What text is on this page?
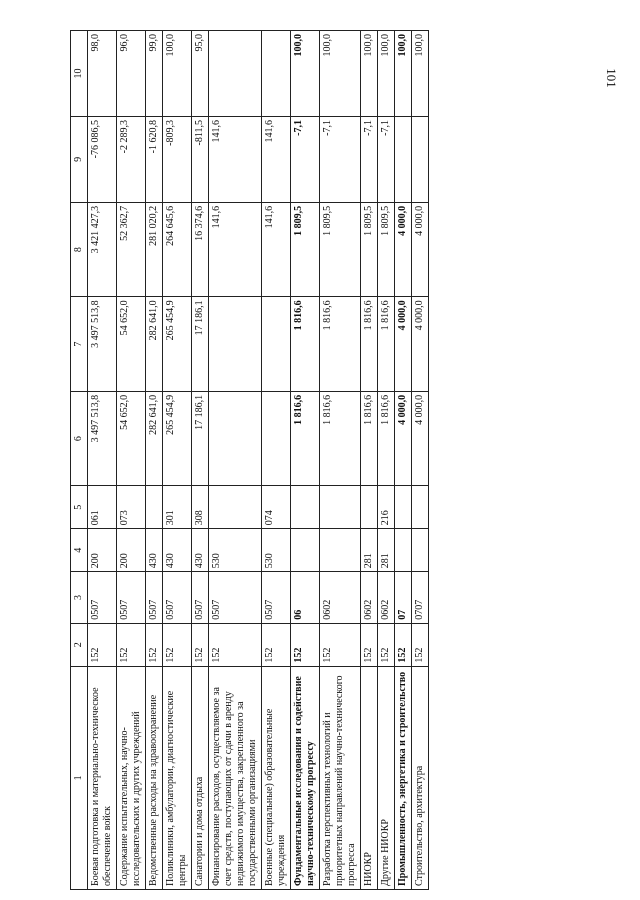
101
1	2	3	4	5	6	7	8	9	10
Боевая подготовка и материально-техническое обеспечение войск	152	0507	200	061	3 497 513,8	3 497 513,8	3 421 427,3	-76 086,5	98,0
Содержание испытательных, научно-исследовательских и других учреждений	152	0507	200	073	54 652,0	54 652,0	52 362,7	-2 289,3	96,0
Ведомственные расходы на здравоохранение	152	0507	430		282 641,0	282 641,0	281 020,2	-1 620,8	99,0
Поликлиники, амбулатории, диагностические центры	152	0507	430	301	265 454,9	265 454,9	264 645,6	-809,3	100,0
Санатории и дома отдыха	152	0507	430	308	17 186,1	17 186,1	16 374,6	-811,5	95,0
Финансирование расходов, осуществляемое за счет средств, поступающих от сдачи в аренду недвижимого имущества, закрепленного за государственными организациями	152	0507	530				141,6	141,6	
Военные (специальные) образовательные учреждения	152	0507	530	074			141,6	141,6	
Фундаментальные исследования и содействие научно-техническому прогрессу	152	06			1 816,6	1 816,6	1 809,5	-7,1	100,0
Разработка перспективных технологий и приоритетных направлений научно-технического прогресса	152	0602			1 816,6	1 816,6	1 809,5	-7,1	100,0
НИОКР	152	0602	281		1 816,6	1 816,6	1 809,5	-7,1	100,0
Другие НИОКР	152	0602	281	216	1 816,6	1 816,6	1 809,5	-7,1	100,0
Промышленность, энергетика и строительство	152	07			4 000,0	4 000,0	4 000,0		100,0
Строительство, архитектура	152	0707			4 000,0	4 000,0	4 000,0		100,0
